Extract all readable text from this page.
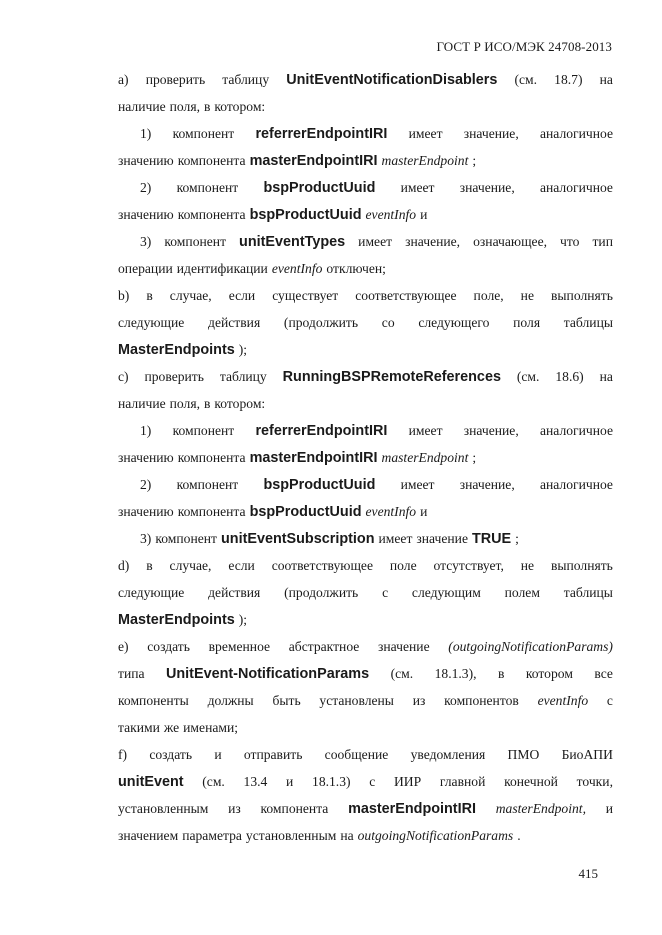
ГОСТ Р ИСО/МЭК 24708-2013
а) проверить таблицу UnitEventNotificationDisablers (см. 18.7) на
наличие поля, в котором:
1) компонент referrerEndpointIRI имеет значение, аналогичное
значению компонента masterEndpointIRI masterEndpoint ;
2) компонент bspProductUuid имеет значение, аналогичное
значению компонента bspProductUuid eventInfo и
3) компонент unitEventTypes имеет значение, означающее, что тип
операции идентификации eventInfo отключен;
b) в случае, если существует соответствующее поле, не выполнять
следующие действия (продолжить со следующего поля таблицы
MasterEndpoints );
с) проверить таблицу RunningBSPRemoteReferences (см. 18.6) на
наличие поля, в котором:
1) компонент referrerEndpointIRI имеет значение, аналогичное
значению компонента masterEndpointIRI masterEndpoint ;
2) компонент bspProductUuid имеет значение, аналогичное
значению компонента bspProductUuid eventInfo и
3) компонент unitEventSubscription имеет значение TRUE ;
d) в случае, если соответствующее поле отсутствует, не выполнять
следующие действия (продолжить с следующим полем таблицы
MasterEndpoints );
е) создать временное абстрактное значение (outgoingNotificationParams)
типа UnitEvent-NotificationParams (см. 18.1.3), в котором все
компоненты должны быть установлены из компонентов eventInfo с
такими же именами;
f) создать и отправить сообщение уведомления ПМО БиоАПИ
unitEvent (см. 13.4 и 18.1.3) с ИИР главной конечной точки,
установленным из компонента masterEndpointIRI masterEndpoint, и
значением параметра установленным на outgoingNotificationParams .
415
